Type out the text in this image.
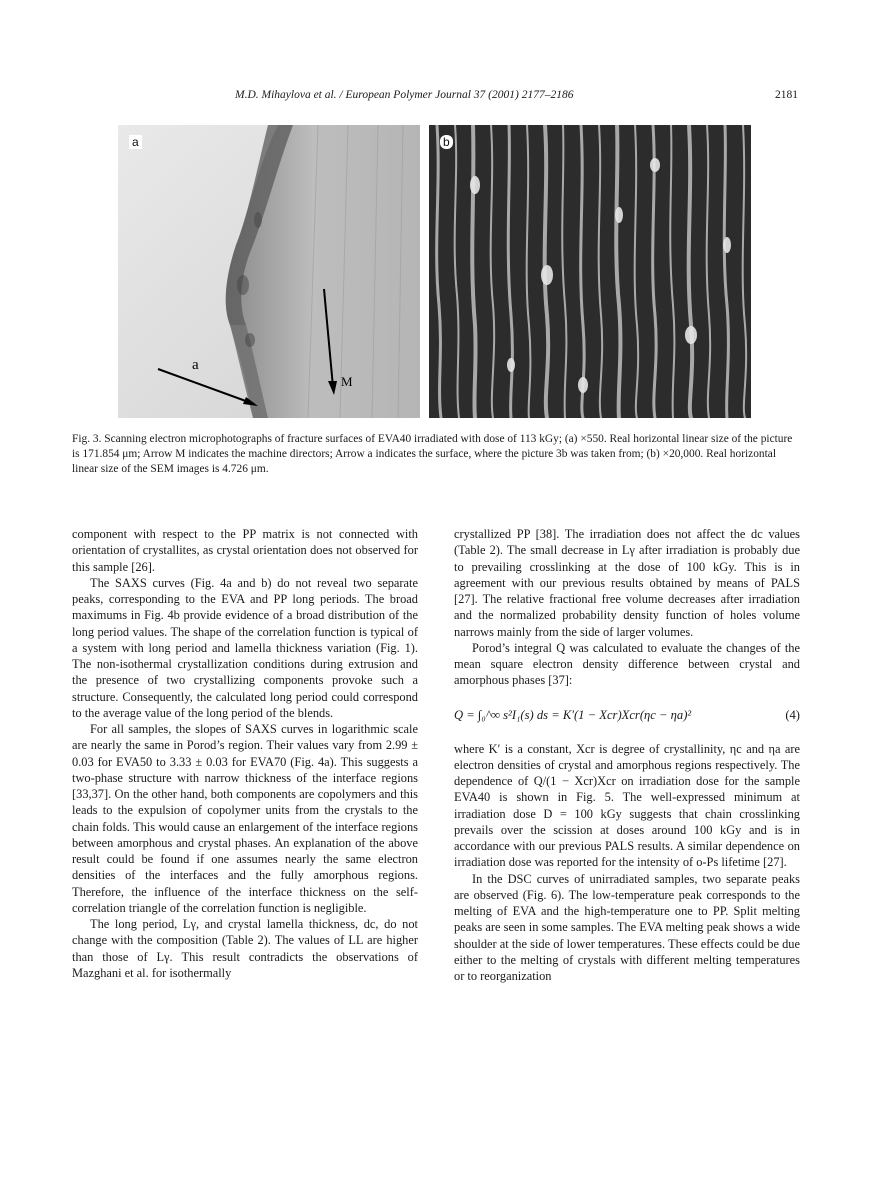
M.D. Mihaylova et al. / European Polymer Journal 37 (2001) 2177–2186	2181
a
a
M
b
Fig. 3. Scanning electron microphotographs of fracture surfaces of EVA40 irradiated with dose of 113 kGy; (a) ×550. Real horizontal linear size of the picture is 171.854 μm; Arrow M indicates the machine directors; Arrow a indicates the surface, where the picture 3b was taken from; (b) ×20,000. Real horizontal linear size of the SEM images is 4.726 μm.

component with respect to the PP matrix is not connected with orientation of crystallites, as crystal orientation does not observed for this sample [26].

The SAXS curves (Fig. 4a and b) do not reveal two separate peaks, corresponding to the EVA and PP long periods. The broad maximums in Fig. 4b provide evidence of a broad distribution of the long period values. The shape of the correlation function is typical of a system with long period and lamella thickness variation (Fig. 1). The non-isothermal crystallization conditions during extrusion and the presence of two crystallizing components provoke such a structure. Consequently, the calculated long period could correspond to the average value of the long period of the blends.

For all samples, the slopes of SAXS curves in logarithmic scale are nearly the same in Porod’s region. Their values vary from 2.99 ± 0.03 for EVA50 to 3.33 ± 0.03 for EVA70 (Fig. 4a). This suggests a two-phase structure with narrow thickness of the interface regions [33,37]. On the other hand, both components are copolymers and this leads to the expulsion of copolymer units from the crystals to the chain folds. This would cause an enlargement of the interface regions between amorphous and crystal phases. An explanation of the above result could be found if one assumes nearly the same electron densities of the interfaces and the fully amorphous regions. Therefore, the influence of the interface thickness on the self-correlation triangle of the correlation function is negligible.

The long period, Lγ, and crystal lamella thickness, dc, do not change with the composition (Table 2). The values of LL are higher than those of Lγ. This result contradicts the observations of Mazghani et al. for isothermally

crystallized PP [38]. The irradiation does not affect the dc values (Table 2). The small decrease in Lγ after irradiation is probably due to prevailing crosslinking at the dose of 100 kGy. This is in agreement with our previous results obtained by means of PALS [27]. The relative fractional free volume decreases after irradiation and the normalized probability density function of holes volume narrows mainly from the side of larger volumes.

Porod’s integral Q was calculated to evaluate the changes of the mean square electron density difference between crystal and amorphous phases [37]:

Q = ∫₀^∞ s²I₁(s) ds = K′(1 − Xcr)Xcr(ηc − ηa)²	(4)

where K′ is a constant, Xcr is degree of crystallinity, ηc and ηa are electron densities of crystal and amorphous regions respectively. The dependence of Q/(1 − Xcr)Xcr on irradiation dose for the sample EVA40 is shown in Fig. 5. The well-expressed minimum at irradiation dose D = 100 kGy suggests that chain crosslinking prevails over the scission at doses around 100 kGy and is in accordance with our previous PALS results. A similar dependence on irradiation dose was reported for the intensity of o-Ps lifetime [27].

In the DSC curves of unirradiated samples, two separate peaks are observed (Fig. 6). The low-temperature peak corresponds to the melting of EVA and the high-temperature one to PP. Split melting peaks are seen in some samples. The EVA melting peak shows a wide shoulder at the side of lower temperatures. These effects could be due either to the melting of crystals with different melting temperatures or to reorganization
